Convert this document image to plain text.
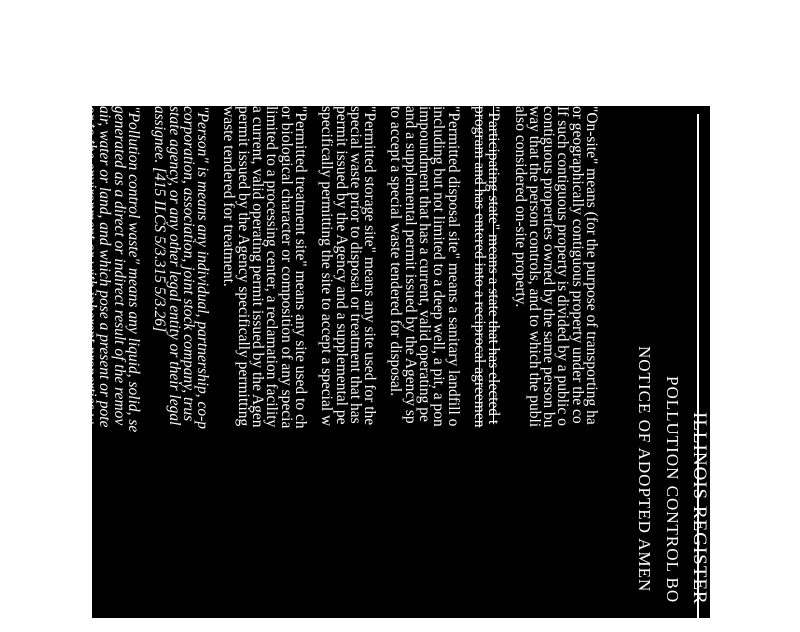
ILLINOIS REGISTER
POLLUTION CONTROL BO
NOTICE OF ADOPTED AMEN
"On-site" means (for the purpose of transporting ha
or geographically contiguous property under the co
If such contiguous property is divided by a public o
contiguous properties owned by the same person bu
way that the person controls, and to which the publi
also considered on-site property.
"Participating state" means a state that has elected t
program and has entered into a reciprocal agreemen
"Permitted disposal site" means a sanitary landfill o
including but not limited to a deep well, a pit, a pon
impoundment that has a current, valid operating pe
and a supplemental permit issued by the Agency sp
to accept a special waste tendered for disposal.
"Permitted storage site" means any site used for the
special waste prior to disposal or treatment that has
permit issued by the Agency and a supplemental pe
specifically permitting the site to accept a special w
"Permitted treatment site" means any site used to ch
or biological character or composition of any specia
limited to a processing center, a reclamation facility
a current, valid operating permit issued by the Agen
permit issued by the Agency specifically permitting
waste tendered for treatment.
"Person" is means any individual, partnership, co-p
corporation, association, joint stock company, trus
state agency, or any other legal entity or their legal
assignee. [415 ILCS 5/3.315 5/3.26]
"Pollution control waste" means any liquid, solid, se
generated as a direct or indirect result of the remov
air, water or land, and which pose a present or pote
or to the environment or with inherent properties w
waste" includes but is not limited to sludges, fly ash
sludges, baghouse dusts, scrubber sludges and chen
